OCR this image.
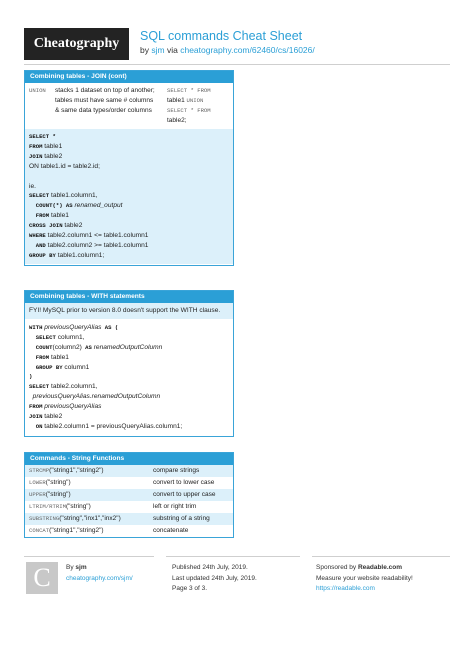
Cheatography	SQL commands Cheat Sheet
by sjm via cheatography.com/62460/cs/16026/
Combining tables - JOIN (cont)
UNION	stacks 1 dataset on top of another;
tables must have same # columns
& same data types/order columns
SELECT * FROM
table1 UNION
SELECT * FROM
table2;
SELECT *
FROM table1
JOIN table2
ON table1.id = table2.id;

ie.
SELECT table1.column1,
COUNT(*) AS renamed_output
FROM table1
CROSS JOIN table2
WHERE table2.column1 <= table1.column1
AND table2.column2 >= table1.column1
GROUP BY table1.column1;
Combining tables - WITH statements
FYI! MySQL prior to version 8.0 doesn't support the WITH clause.
WITH previousQueryAlias AS (
SELECT column1,
COUNT(column2) AS renamedOutputColumn
FROM table1
GROUP BY column1
)
SELECT table2.column1,
previousQueryAlias.renamedOutputColumn
FROM previousQueryAlias
JOIN table2
ON table2.column1 = previousQueryAlias.column1;
Commands - String Functions
STRCMP("string1","string2")	compare strings
LOWER("string")	convert to lower case
UPPER("string")	convert to upper case
LTRIM/RTRIM("string")	left or right trim
SUBSTRING("string","inx1","inx2")	substring of a string
CONCAT("string1","string2")	concatenate
C	By sjm
cheatography.com/sjm/
Published 24th July, 2019.
Last updated 24th July, 2019.
Page 3 of 3.
Sponsored by Readable.com
Measure your website readability!
https://readable.com
